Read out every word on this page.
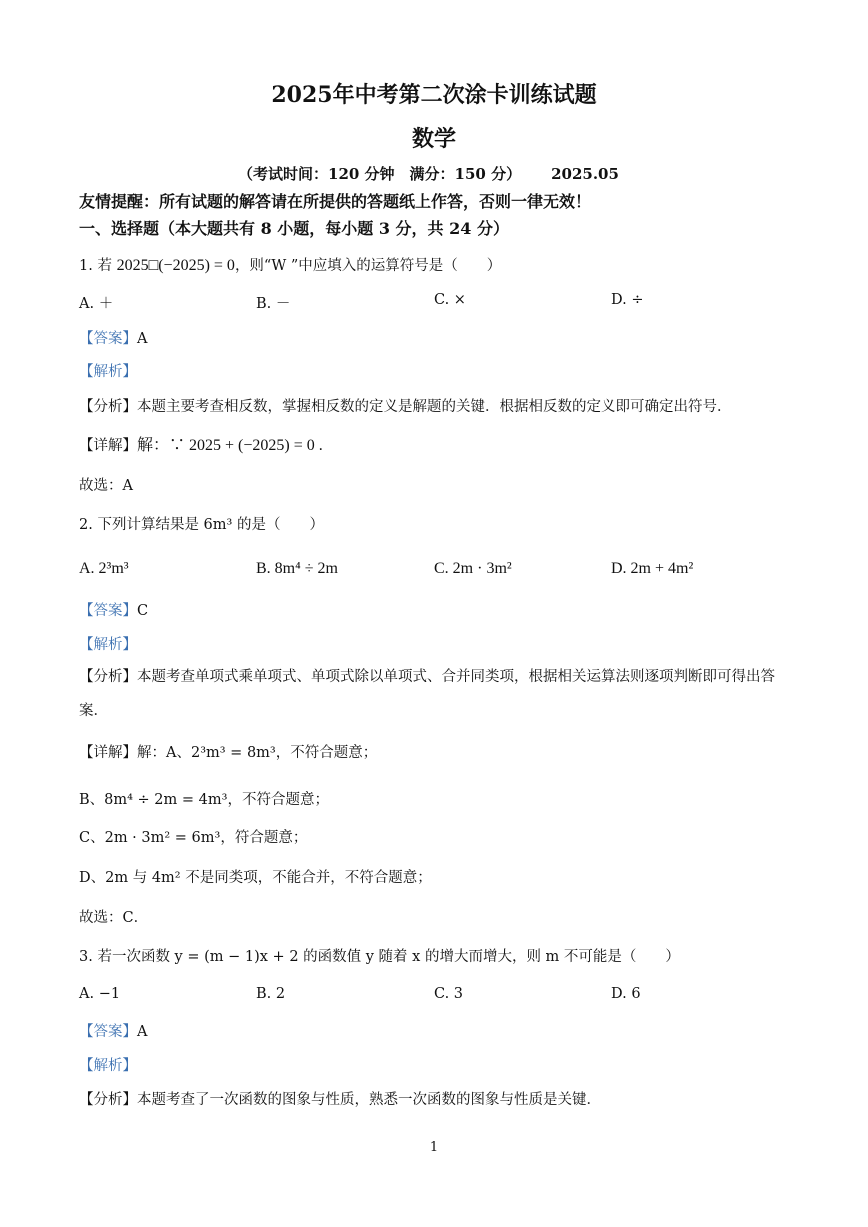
2025年中考第二次涂卡训练试题
数学
（考试时间：120 分钟　满分：150 分） 2025.05
友情提醒：所有试题的解答请在所提供的答题纸上作答，否则一律无效！
一、选择题（本大题共有 8 小题，每小题 3 分，共 24 分）
1. 若 2025□(−2025) = 0，则“W ”中应填入的运算符号是（　　）
A. ＋	B. －	C. ×	D. ÷
【答案】A
【解析】
【分析】本题主要考查相反数，掌握相反数的定义是解题的关键．根据相反数的定义即可确定出符号．
【详解】解：∵ 2025 + (−2025) = 0 .
故选：A
2. 下列计算结果是 6m³ 的是（　　）
A. 2³m³	B. 8m⁴ ÷ 2m	C. 2m · 3m²	D. 2m + 4m²
【答案】C
【解析】
【分析】本题考查单项式乘单项式、单项式除以单项式、合并同类项，根据相关运算法则逐项判断即可得出答案．
【详解】解：A、2³m³ = 8m³，不符合题意；
B、8m⁴ ÷ 2m = 4m³，不符合题意；
C、2m · 3m² = 6m³，符合题意；
D、2m 与 4m² 不是同类项，不能合并，不符合题意；
故选：C．
3. 若一次函数 y = (m − 1)x + 2 的函数值 y 随着 x 的增大而增大，则 m 不可能是（　　）
A. −1	B. 2	C. 3	D. 6
【答案】A
【解析】
【分析】本题考查了一次函数的图象与性质，熟悉一次函数的图象与性质是关键．
1
